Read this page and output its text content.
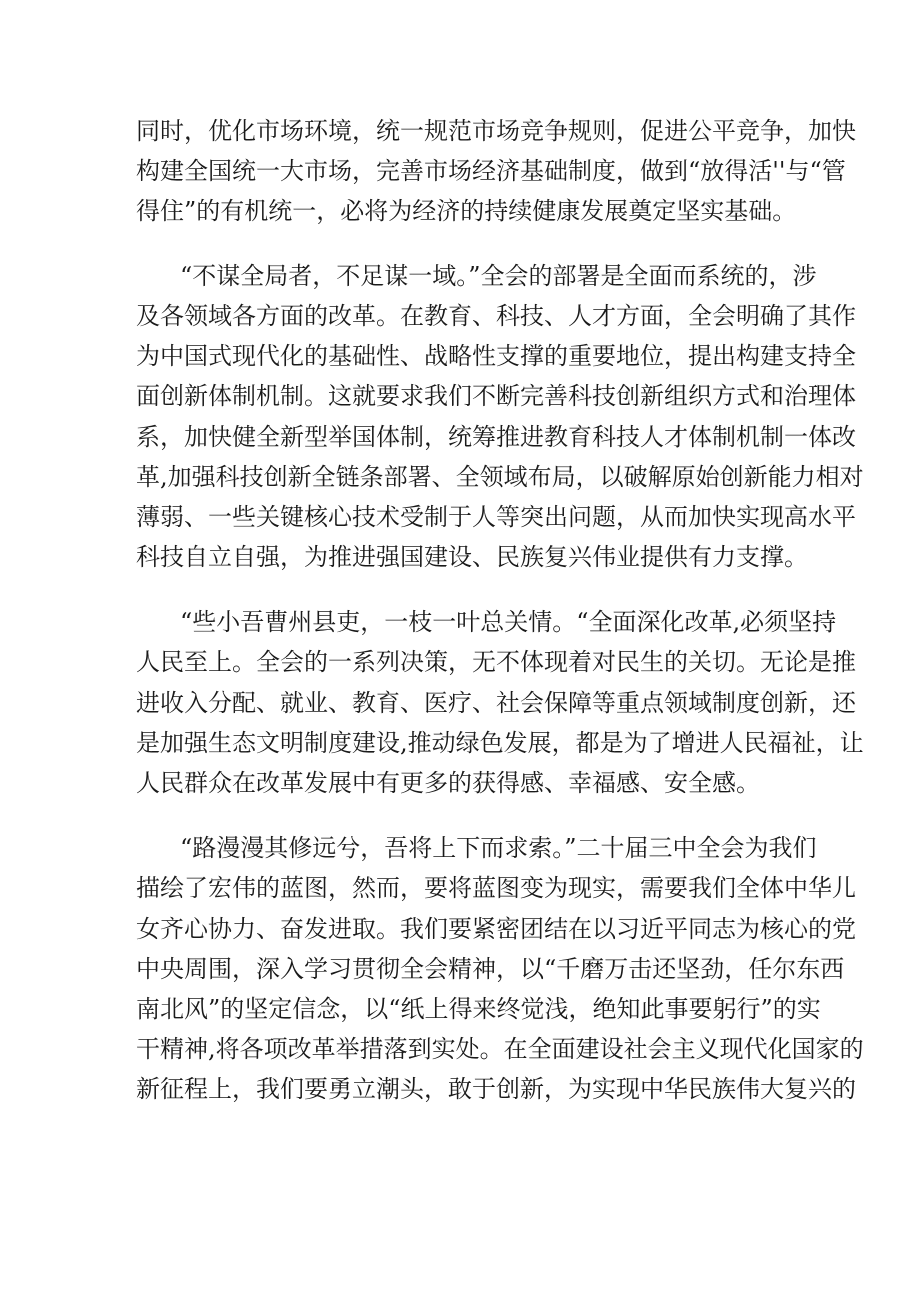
同时，优化市场环境，统一规范市场竞争规则，促进公平竞争，加快
构建全国统一大市场，完善市场经济基础制度，做到“放得活''与“管
得住”的有机统一，必将为经济的持续健康发展奠定坚实基础。
“不谋全局者，不足谋一域。”全会的部署是全面而系统的，涉
及各领域各方面的改革。在教育、科技、人才方面，全会明确了其作
为中国式现代化的基础性、战略性支撑的重要地位，提出构建支持全
面创新体制机制。这就要求我们不断完善科技创新组织方式和治理体
系，加快健全新型举国体制，统筹推进教育科技人才体制机制一体改
革,加强科技创新全链条部署、全领域布局，以破解原始创新能力相对
薄弱、一些关键核心技术受制于人等突出问题，从而加快实现高水平
科技自立自强，为推进强国建设、民族复兴伟业提供有力支撑。
“些小吾曹州县吏，一枝一叶总关情。“全面深化改革,必须坚持
人民至上。全会的一系列决策，无不体现着对民生的关切。无论是推
进收入分配、就业、教育、医疗、社会保障等重点领域制度创新，还
是加强生态文明制度建设,推动绿色发展，都是为了增进人民福祉，让
人民群众在改革发展中有更多的获得感、幸福感、安全感。
“路漫漫其修远兮，吾将上下而求索。”二十届三中全会为我们
描绘了宏伟的蓝图，然而，要将蓝图变为现实，需要我们全体中华儿
女齐心协力、奋发进取。我们要紧密团结在以习近平同志为核心的党
中央周围，深入学习贯彻全会精神，以“千磨万击还坚劲，任尔东西
南北风”的坚定信念，以“纸上得来终觉浅，绝知此事要躬行”的实
干精神,将各项改革举措落到实处。在全面建设社会主义现代化国家的
新征程上，我们要勇立潮头，敢于创新，为实现中华民族伟大复兴的
